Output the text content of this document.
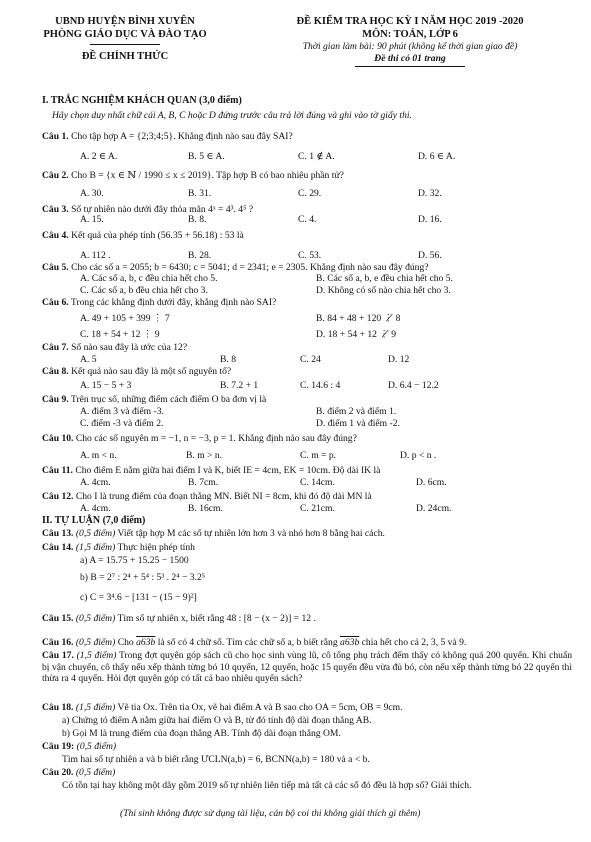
UBND HUYỆN BÌNH XUYÊN
PHÒNG GIÁO DỤC VÀ ĐÀO TẠO
ĐỀ CHÍNH THỨC
ĐỀ KIỂM TRA HỌC KỲ I NĂM HỌC 2019 -2020
MÔN: TOÁN, LỚP 6
Thời gian làm bài: 90 phút (không kể thời gian giao đề)
Đề thi có 01 trang
I. TRẮC NGHIỆM KHÁCH QUAN (3,0 điểm)
Hãy chọn duy nhất chữ cái A, B, C hoặc D đứng trước câu trả lời đúng và ghi vào tờ giấy thi.
Câu 1. Cho tập hợp A = {2;3;4;5}. Khẳng định nào sau đây SAI?
A. 2 ∈ A.	B. 5 ∈ A.	C. 1 ∉ A.	D. 6 ∈ A.
Câu 2. Cho B = {x ∈ ℕ / 1990 ≤ x ≤ 2019}. Tập hợp B có bao nhiêu phần tử?
A. 30.	B. 31.	C. 29.	D. 32.
Câu 3. Số tự nhiên nào dưới đây thỏa mãn 4ˣ = 4³. 4⁵ ?
A. 15.	B. 8.	C. 4.	D. 16.
Câu 4. Kết quả của phép tính (56.35 + 56.18) : 53 là
A. 112 .	B. 28.	C. 53.	D. 56.
Câu 5. Cho các số a = 2055; b = 6430; c = 5041; d = 2341; e = 2305. Khẳng định nào sau đây đúng?
A. Các số a, b, c đều chia hết cho 5.	B. Các số a, b, e đều chia hết cho 5.
C. Các số a, b đều chia hết cho 3.	D. Không có số nào chia hết cho 3.
Câu 6. Trong các khẳng định dưới đây, khẳng định nào SAI?
A. 49 + 105 + 399 ⋮ 7	B. 84 + 48 + 120 ⋮̸ 8
C. 18 + 54 + 12 ⋮ 9	D. 18 + 54 + 12 ⋮̸ 9
Câu 7. Số nào sau đây là ước của 12?
A. 5	B. 8	C. 24	D. 12
Câu 8. Kết quả nào sau đây là một số nguyên tố?
A. 15 − 5 + 3	B. 7.2 + 1	C. 14.6 : 4	D. 6.4 − 12.2
Câu 9. Trên trục số, những điểm cách điểm O ba đơn vị là
A. điểm 3 và điểm -3.	B. điểm 2 và điểm 1.
C. điểm -3 và điểm 2.	D. điểm 1 và điểm -2.
Câu 10. Cho các số nguyên m = −1, n = −3, p = 1. Khẳng định nào sau đây đúng?
A. m < n.	B. m > n.	C. m = p.	D. p < n .
Câu 11. Cho điểm E nằm giữa hai điểm I và K, biết IE = 4cm, EK = 10cm. Độ dài IK là
A. 4cm.	B. 7cm.	C. 14cm.	D. 6cm.
Câu 12. Cho I là trung điểm của đoạn thẳng MN. Biết NI = 8cm, khi đó độ dài MN là
A. 4cm.	B. 16cm.	C. 21cm.	D. 24cm.
II. TỰ LUẬN (7,0 điểm)
Câu 13. (0,5 điểm) Viết tập hợp M các số tự nhiên lớn hơn 3 và nhỏ hơn 8 bằng hai cách.
Câu 14. (1,5 điểm) Thực hiện phép tính
a) A = 15.75 + 15.25 − 1500
b) B = 2⁷ : 2⁴ + 5⁴ : 5³ . 2⁴ − 3.2⁵
c) C = 3⁴.6 − [131 − (15 − 9)²]
Câu 15. (0,5 điểm) Tìm số tự nhiên x, biết rằng 48 : [8 − (x − 2)] = 12 .
Câu 16. (0,5 điểm) Cho a63b là số có 4 chữ số. Tìm các chữ số a, b biết rằng a63b chia hết cho cả 2, 3, 5 và 9.
Câu 17. (1,5 điểm) Trong đợt quyên góp sách cũ cho học sinh vùng lũ, cô tổng phụ trách đếm thấy có không quá 200 quyển. Khi chuẩn bị vận chuyển, cô thấy nếu xếp thành từng bó 10 quyển, 12 quyển, hoặc 15 quyển đều vừa đủ bó, còn nếu xếp thành từng bó 22 quyển thì thừa ra 4 quyển. Hỏi đợt quyên góp có tất cả bao nhiêu quyển sách?
Câu 18. (1,5 điểm) Vẽ tia Ox. Trên tia Ox, vẽ hai điểm A và B sao cho OA = 5cm, OB = 9cm.
a) Chứng tỏ điểm A nằm giữa hai điểm O và B, từ đó tính độ dài đoạn thẳng AB.
b) Gọi M là trung điểm của đoạn thẳng AB. Tính độ dài đoạn thẳng OM.
Câu 19: (0,5 điểm)
Tìm hai số tự nhiên a và b biết rằng ƯCLN(a,b) = 6, BCNN(a,b) = 180 và a < b.
Câu 20. (0,5 điểm)
Có tồn tại hay không một dãy gồm 2019 số tự nhiên liên tiếp mà tất cả các số đó đều là hợp số? Giải thích.
(Thí sinh không được sử dụng tài liệu, cán bộ coi thi không giải thích gì thêm)
